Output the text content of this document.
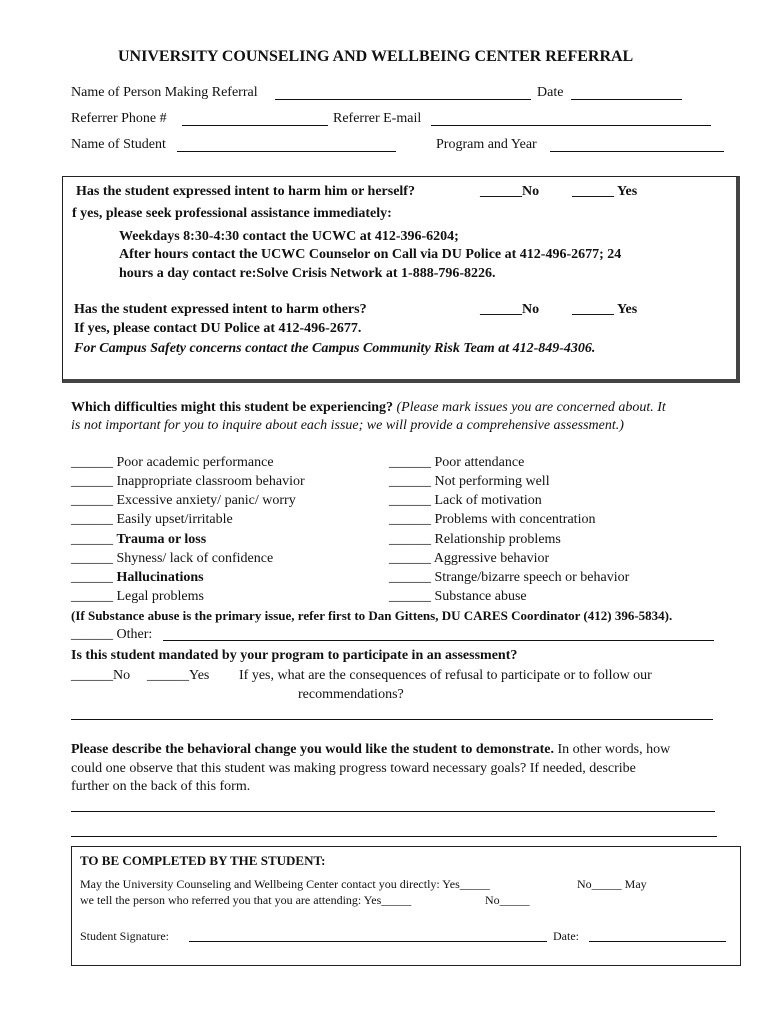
UNIVERSITY COUNSELING AND WELLBEING CENTER REFERRAL
Name of Person Making Referral	Date
Referrer Phone #	Referrer E-mail
Name of Student	Program and Year
Has the student expressed intent to harm him or herself?	______No ______ Yes
f yes, please seek professional assistance immediately:
Weekdays 8:30-4:30 contact the UCWC at 412-396-6204;
After hours contact the UCWC Counselor on Call via DU Police at 412-496-2677; 24
hours a day contact re:Solve Crisis Network at 1-888-796-8226.
Has the student expressed intent to harm others?	______No ______ Yes
If yes, please contact DU Police at 412-496-2677.
For Campus Safety concerns contact the Campus Community Risk Team at 412-849-4306.
Which difficulties might this student be experiencing? (Please mark issues you are concerned about. It
is not important for you to inquire about each issue; we will provide a comprehensive assessment.)
______ Poor academic performance
______ Inappropriate classroom behavior
______ Excessive anxiety/ panic/ worry
______ Easily upset/irritable
______ Trauma or loss
______ Shyness/ lack of confidence
______ Hallucinations
______ Legal problems
______ Poor attendance
______ Not performing well
______ Lack of motivation
______ Problems with concentration
______ Relationship problems
______ Aggressive behavior
______ Strange/bizarre speech or behavior
______ Substance abuse
(If Substance abuse is the primary issue, refer first to Dan Gittens, DU CARES Coordinator (412) 396-5834).
______ Other:
Is this student mandated by your program to participate in an assessment?
______No ______Yes If yes, what are the consequences of refusal to participate or to follow our
recommendations?
Please describe the behavioral change you would like the student to demonstrate. In other words, how
could one observe that this student was making progress toward necessary goals? If needed, describe
further on the back of this form.
TO BE COMPLETED BY THE STUDENT:
May the University Counseling and Wellbeing Center contact you directly: Yes_____	No_____ May
we tell the person who referred you that you are attending: Yes_____	No_____
Student Signature:	Date:
